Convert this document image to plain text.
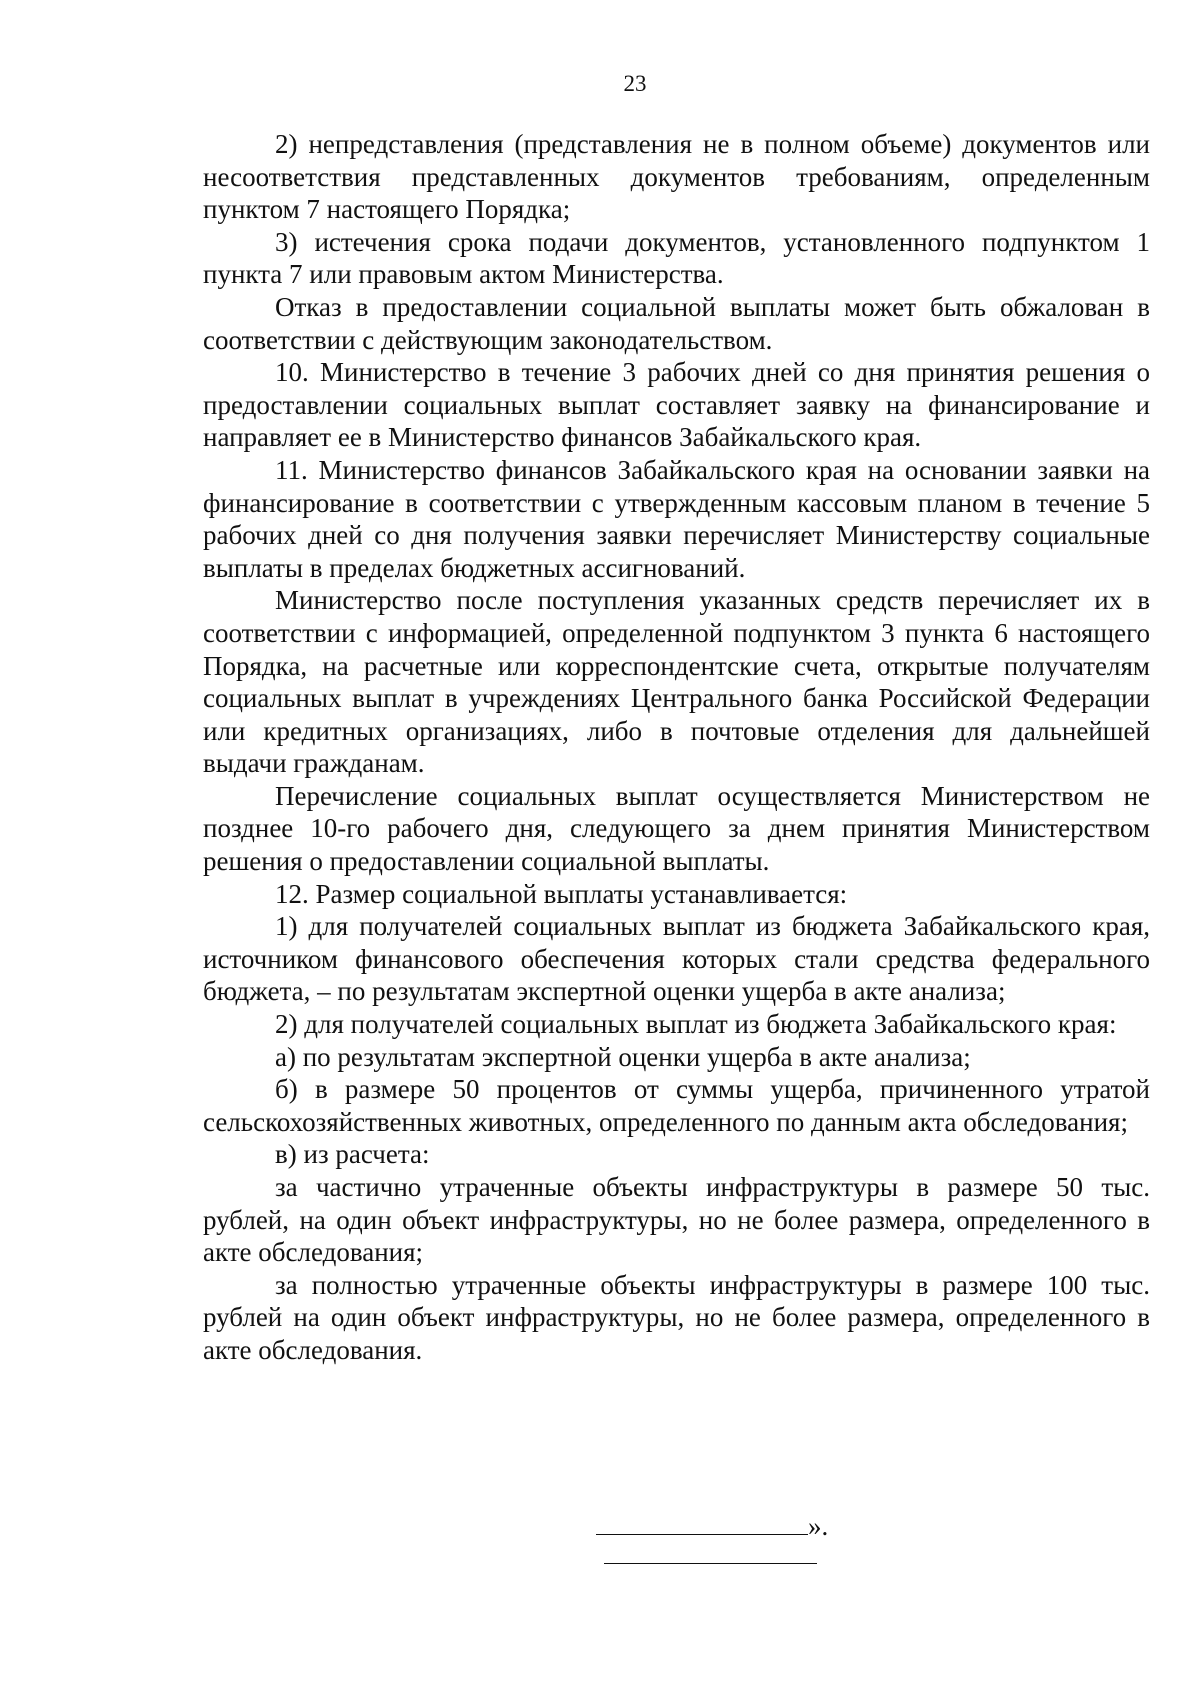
23

2) непредставления (представления не в полном объеме) документов или несоответствия представленных документов требованиям, определенным пунктом 7 настоящего Порядка;

3) истечения срока подачи документов, установленного подпунктом 1 пункта 7 или правовым актом Министерства.

Отказ в предоставлении социальной выплаты может быть обжалован в соответствии с действующим законодательством.

10. Министерство в течение 3 рабочих дней со дня принятия решения о предоставлении социальных выплат составляет заявку на финансирование и направляет ее в Министерство финансов Забайкальского края.

11. Министерство финансов Забайкальского края на основании заявки на финансирование в соответствии с утвержденным кассовым планом в течение 5 рабочих дней со дня получения заявки перечисляет Министерству социальные выплаты в пределах бюджетных ассигнований.

Министерство после поступления указанных средств перечисляет их в соответствии с информацией, определенной подпунктом 3 пункта 6 настоящего Порядка, на расчетные или корреспондентские счета, открытые получателям социальных выплат в учреждениях Центрального банка Российской Федерации или кредитных организациях, либо в почтовые отделения для дальнейшей выдачи гражданам.

Перечисление социальных выплат осуществляется Министерством не позднее 10-го рабочего дня, следующего за днем принятия Министерством решения о предоставлении социальной выплаты.

12. Размер социальной выплаты устанавливается:

1) для получателей социальных выплат из бюджета Забайкальского края, источником финансового обеспечения которых стали средства федерального бюджета, – по результатам экспертной оценки ущерба в акте анализа;

2) для получателей социальных выплат из бюджета Забайкальского края:

а) по результатам экспертной оценки ущерба в акте анализа;

б) в размере 50 процентов от суммы ущерба, причиненного утратой сельскохозяйственных животных, определенного по данным акта обследования;

в) из расчета:

за частично утраченные объекты инфраструктуры в размере 50 тыс. рублей, на один объект инфраструктуры, но не более размера, определенного в акте обследования;

за полностью утраченные объекты инфраструктуры в размере 100 тыс. рублей на один объект инфраструктуры, но не более размера, определенного в акте обследования.

».
